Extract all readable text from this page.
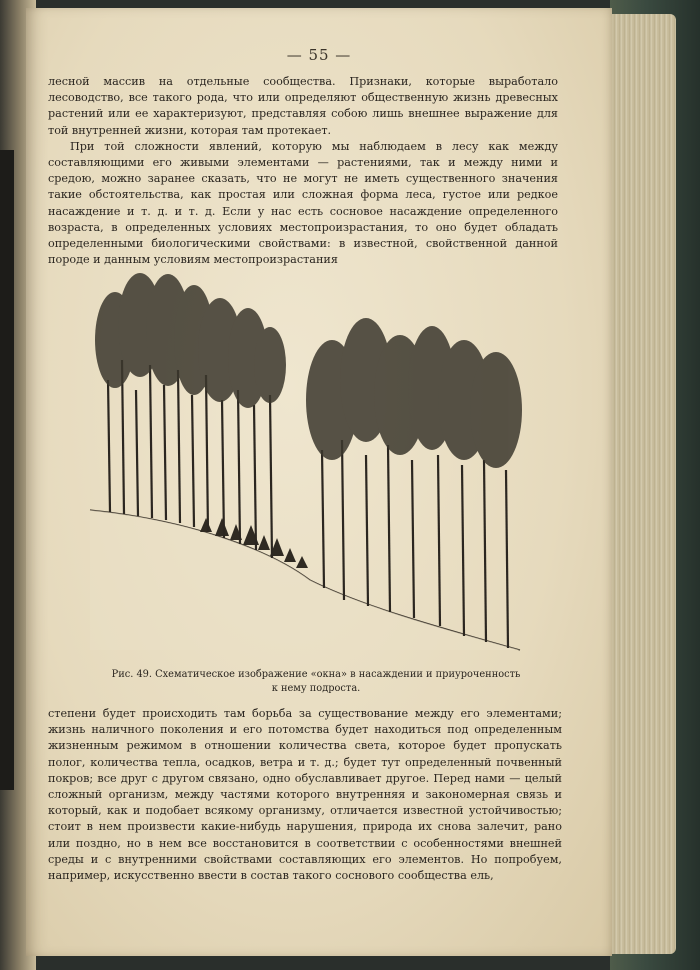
— 55 —

лесной массив на отдельные сообщества. Признаки, которые выработало лесоводство, все такого рода, что или определяют общественную жизнь древесных растений или ее характеризуют, представляя собою лишь внешнее выражение для той внутренней жизни, которая там протекает.

При той сложности явлений, которую мы наблюдаем в лесу как между составляющими его живыми элементами — растениями, так и между ними и средою, можно заранее сказать, что не могут не иметь существенного значения такие обстоятельства, как простая или сложная форма леса, густое или редкое насаждение и т. д. и т. д. Если у нас есть сосновое насаждение определенного возраста, в определенных условиях местопроизрастания, то оно будет обладать определенными биологическими свойствами: в известной, свойственной данной породе и данным условиям местопроизрастания

Рис. 49. Схематическое изображение «окна» в насаждении и приуроченность
к нему подроста.

степени будет происходить там борьба за существование между его элементами; жизнь наличного поколения и его потомства будет находиться под определенным жизненным режимом в отношении количества света, которое будет пропускать полог, количества тепла, осадков, ветра и т. д.; будет тут определенный почвенный покров; все друг с другом связано, одно обуславливает другое. Перед нами — целый сложный организм, между частями которого внутренняя и закономерная связь и который, как и подобает всякому организму, отличается известной устойчивостью; стоит в нем произвести какие-нибудь нарушения, природа их снова залечит, рано или поздно, но в нем все восстановится в соответствии с особенностями внешней среды и с внутренними свойствами составляющих его элементов. Но попробуем, например, искусственно ввести в состав такого соснового сообщества ель,
